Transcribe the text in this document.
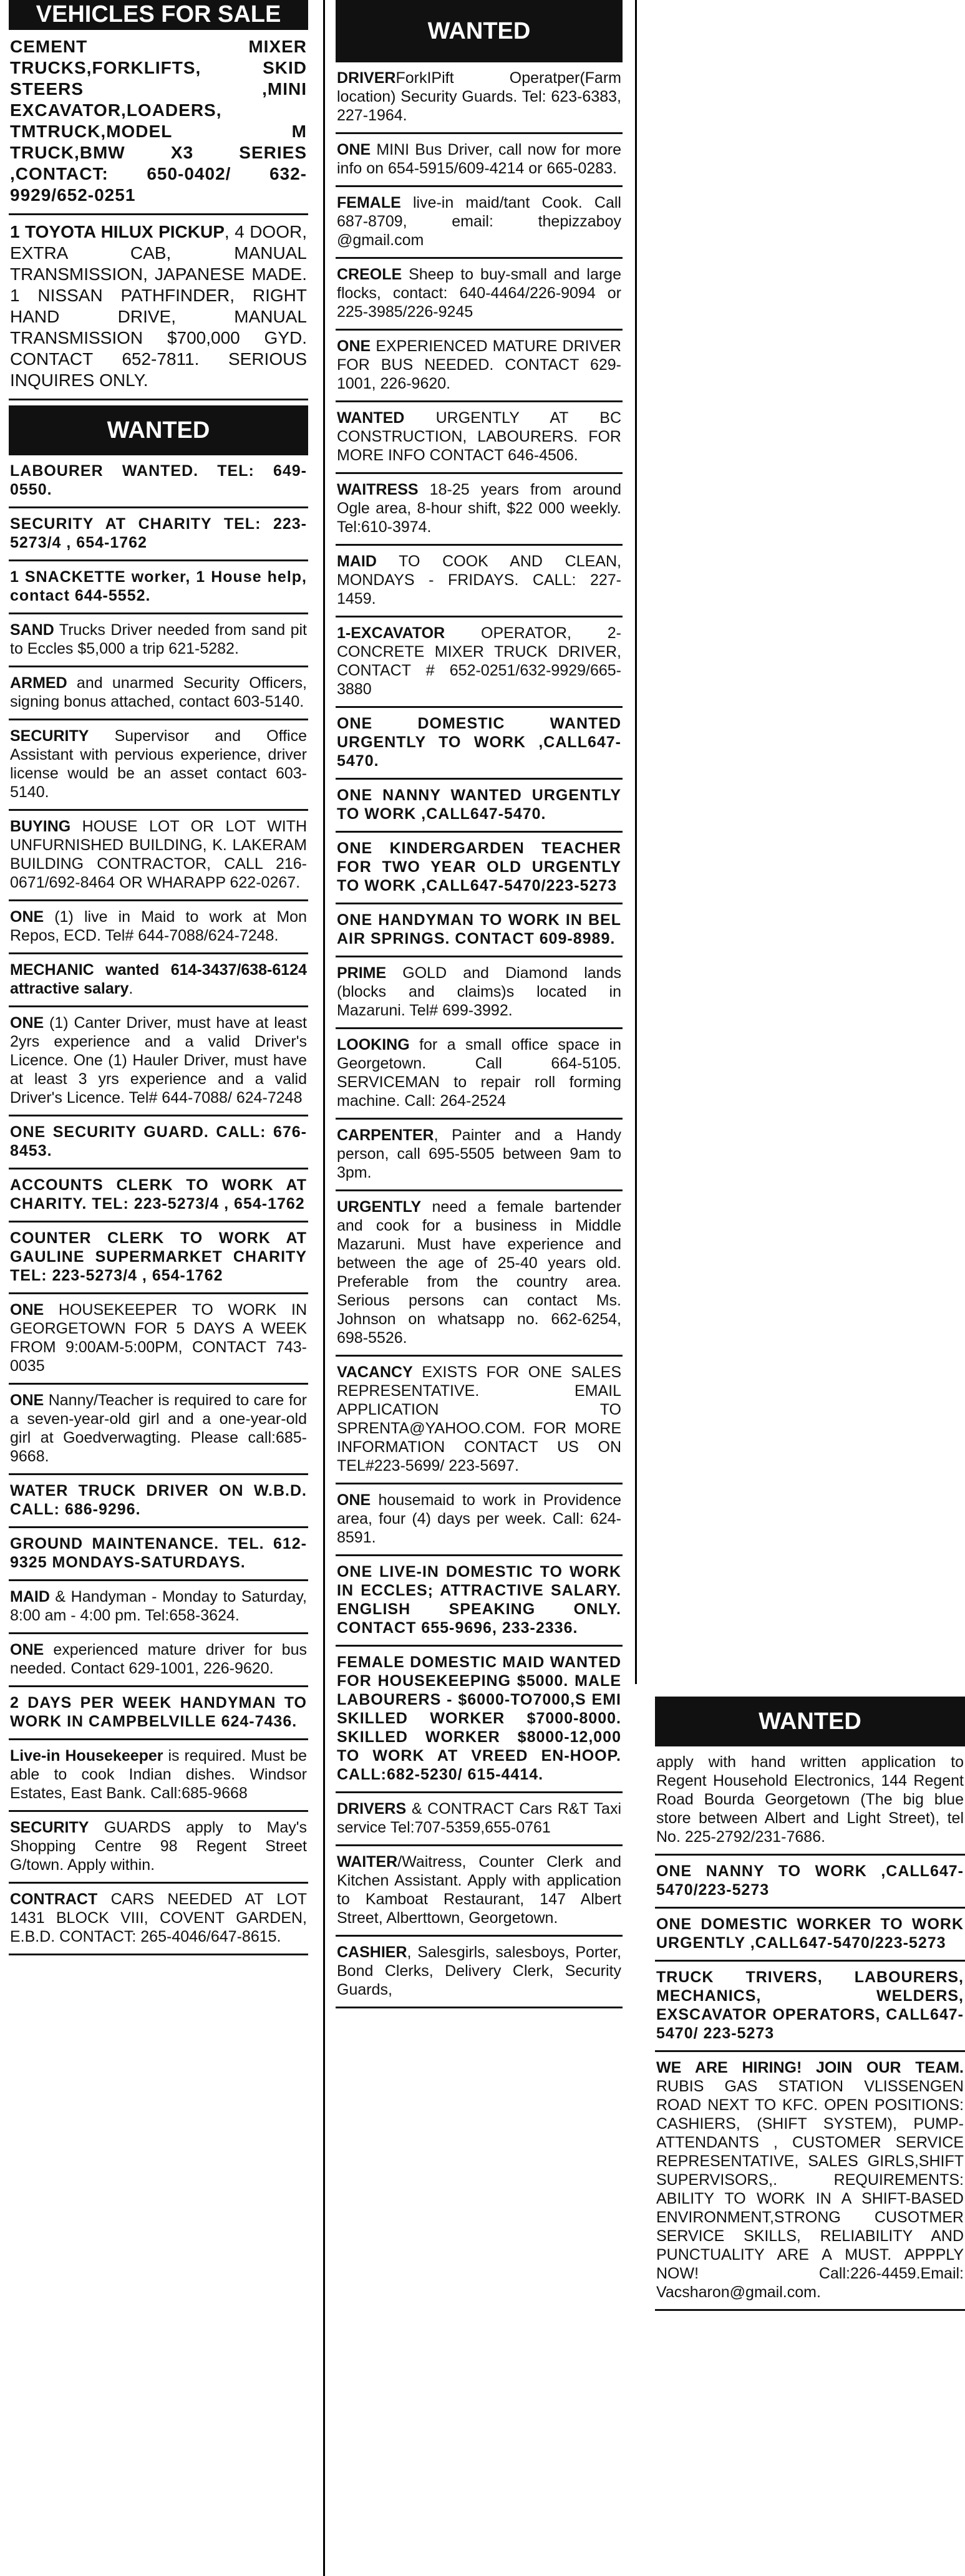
VEHICLES FOR SALE
CEMENT MIXER TRUCKS,FORKLIFTS, SKID STEERS ,MINI EXCAVATOR,LOADERS, TMTRUCK,MODEL M TRUCK,BMW X3 SERIES ,CONTACT: 650-0402/ 632-9929/652-0251
1 TOYOTA HILUX PICKUP, 4 DOOR, EXTRA CAB, MANUAL TRANSMISSION, JAPANESE MADE. 1 NISSAN PATHFINDER, RIGHT HAND DRIVE, MANUAL TRANSMISSION $700,000 GYD. CONTACT 652-7811. SERIOUS INQUIRES ONLY.
WANTED
LABOURER WANTED. TEL: 649-0550.
SECURITY AT CHARITY TEL: 223-5273/4 , 654-1762
1 SNACKETTE worker, 1 House help, contact 644-5552.
SAND Trucks Driver needed from sand pit to Eccles $5,000 a trip 621-5282.
ARMED and unarmed Security Officers, signing bonus attached, contact 603-5140.
SECURITY Supervisor and Office Assistant with pervious experience, driver license would be an asset contact 603-5140.
BUYING HOUSE LOT OR LOT WITH UNFURNISHED BUILDING, K. LAKERAM BUILDING CONTRACTOR, CALL 216-0671/692-8464 OR WHARAPP 622-0267.
ONE (1) live in Maid to work at Mon Repos, ECD. Tel# 644-7088/624-7248.
MECHANIC wanted 614-3437/638-6124 attractive salary.
ONE (1) Canter Driver, must have at least 2yrs experience and a valid Driver's Licence. One (1) Hauler Driver, must have at least 3 yrs experience and a valid Driver's Licence. Tel# 644-7088/ 624-7248
ONE SECURITY GUARD. CALL: 676-8453.
ACCOUNTS CLERK TO WORK AT CHARITY. TEL: 223-5273/4 , 654-1762
COUNTER CLERK TO WORK AT GAULINE SUPERMARKET CHARITY TEL: 223-5273/4 , 654-1762
ONE HOUSEKEEPER TO WORK IN GEORGETOWN FOR 5 DAYS A WEEK FROM 9:00AM-5:00PM, CONTACT 743-0035
ONE Nanny/Teacher is required to care for a seven-year-old girl and a one-year-old girl at Goedverwagting. Please call:685-9668.
WATER TRUCK DRIVER ON W.B.D. CALL: 686-9296.
GROUND MAINTENANCE. TEL. 612-9325 MONDAYS-SATURDAYS.
MAID & Handyman - Monday to Saturday, 8:00 am - 4:00 pm. Tel:658-3624.
ONE experienced mature driver for bus needed. Contact 629-1001, 226-9620.
2 DAYS PER WEEK HANDYMAN TO WORK IN CAMPBELVILLE 624-7436.
Live-in Housekeeper is required. Must be able to cook Indian dishes. Windsor Estates, East Bank. Call:685-9668
SECURITY GUARDS apply to May's Shopping Centre 98 Regent Street G/town. Apply within.
CONTRACT CARS NEEDED AT LOT 1431 BLOCK VIII, COVENT GARDEN, E.B.D. CONTACT: 265-4046/647-8615.
WANTED
DRIVERForkIPift Operatper(Farm location) Security Guards. Tel: 623-6383, 227-1964.
ONE MINI Bus Driver, call now for more info on 654-5915/609-4214 or 665-0283.
FEMALE live-in maid/tant Cook. Call 687-8709, email: thepizzaboy @gmail.com
CREOLE Sheep to buy-small and large flocks, contact: 640-4464/226-9094 or 225-3985/226-9245
ONE EXPERIENCED MATURE DRIVER FOR BUS NEEDED. CONTACT 629-1001, 226-9620.
WANTED URGENTLY AT BC CONSTRUCTION, LABOURERS. FOR MORE INFO CONTACT 646-4506.
WAITRESS 18-25 years from around Ogle area, 8-hour shift, $22 000 weekly. Tel:610-3974.
MAID TO COOK AND CLEAN, MONDAYS - FRIDAYS. CALL: 227-1459.
1-EXCAVATOR OPERATOR, 2- CONCRETE MIXER TRUCK DRIVER, CONTACT # 652-0251/632-9929/665-3880
ONE DOMESTIC WANTED URGENTLY TO WORK ,CALL647-5470.
ONE NANNY WANTED URGENTLY TO WORK ,CALL647-5470.
ONE KINDERGARDEN TEACHER FOR TWO YEAR OLD URGENTLY TO WORK ,CALL647-5470/223-5273
ONE HANDYMAN TO WORK IN BEL AIR SPRINGS. CONTACT 609-8989.
PRIME GOLD and Diamond lands (blocks and claims)s located in Mazaruni. Tel# 699-3992.
LOOKING for a small office space in Georgetown. Call 664-5105. SERVICEMAN to repair roll forming machine. Call: 264-2524
CARPENTER, Painter and a Handy person, call 695-5505 between 9am to 3pm.
URGENTLY need a female bartender and cook for a business in Middle Mazaruni. Must have experience and between the age of 25-40 years old. Preferable from the country area. Serious persons can contact Ms. Johnson on whatsapp no. 662-6254, 698-5526.
VACANCY EXISTS FOR ONE SALES REPRESENTATIVE. EMAIL APPLICATION TO SPRENTA@YAHOO.COM. FOR MORE INFORMATION CONTACT US ON TEL#223-5699/ 223-5697.
ONE housemaid to work in Providence area, four (4) days per week. Call: 624-8591.
ONE LIVE-IN DOMESTIC TO WORK IN ECCLES; ATTRACTIVE SALARY. ENGLISH SPEAKING ONLY. CONTACT 655-9696, 233-2336.
FEMALE DOMESTIC MAID WANTED FOR HOUSEKEEPING $5000. MALE LABOURERS - $6000-TO7000,S EMI SKILLED WORKER $7000-8000. SKILLED WORKER $8000-12,000 TO WORK AT VREED EN-HOOP. CALL:682-5230/ 615-4414.
DRIVERS & CONTRACT Cars R&T Taxi service Tel:707-5359,655-0761
WAITER/Waitress, Counter Clerk and Kitchen Assistant. Apply with application to Kamboat Restaurant, 147 Albert Street, Alberttown, Georgetown.
CASHIER, Salesgirls, salesboys, Porter, Bond Clerks, Delivery Clerk, Security Guards,
WANTED
apply with hand written application to Regent Household Electronics, 144 Regent Road Bourda Georgetown (The big blue store between Albert and Light Street), tel No. 225-2792/231-7686.
ONE NANNY TO WORK ,CALL647-5470/223-5273
ONE DOMESTIC WORKER TO WORK URGENTLY ,CALL647-5470/223-5273
TRUCK TRIVERS, LABOURERS, MECHANICS, WELDERS, EXSCAVATOR OPERATORS, CALL647-5470/ 223-5273
WE ARE HIRING! JOIN OUR TEAM. RUBIS GAS STATION VLISSENGEN ROAD NEXT TO KFC. OPEN POSITIONS: CASHIERS, (SHIFT SYSTEM), PUMP-ATTENDANTS , CUSTOMER SERVICE REPRESENTATIVE, SALES GIRLS,SHIFT SUPERVISORS,. REQUIREMENTS: ABILITY TO WORK IN A SHIFT-BASED ENVIRONMENT,STRONG CUSOTMER SERVICE SKILLS, RELIABILITY AND PUNCTUALITY ARE A MUST. APPPLY NOW! Call:226-4459.Email: Vacsharon@gmail.com.
